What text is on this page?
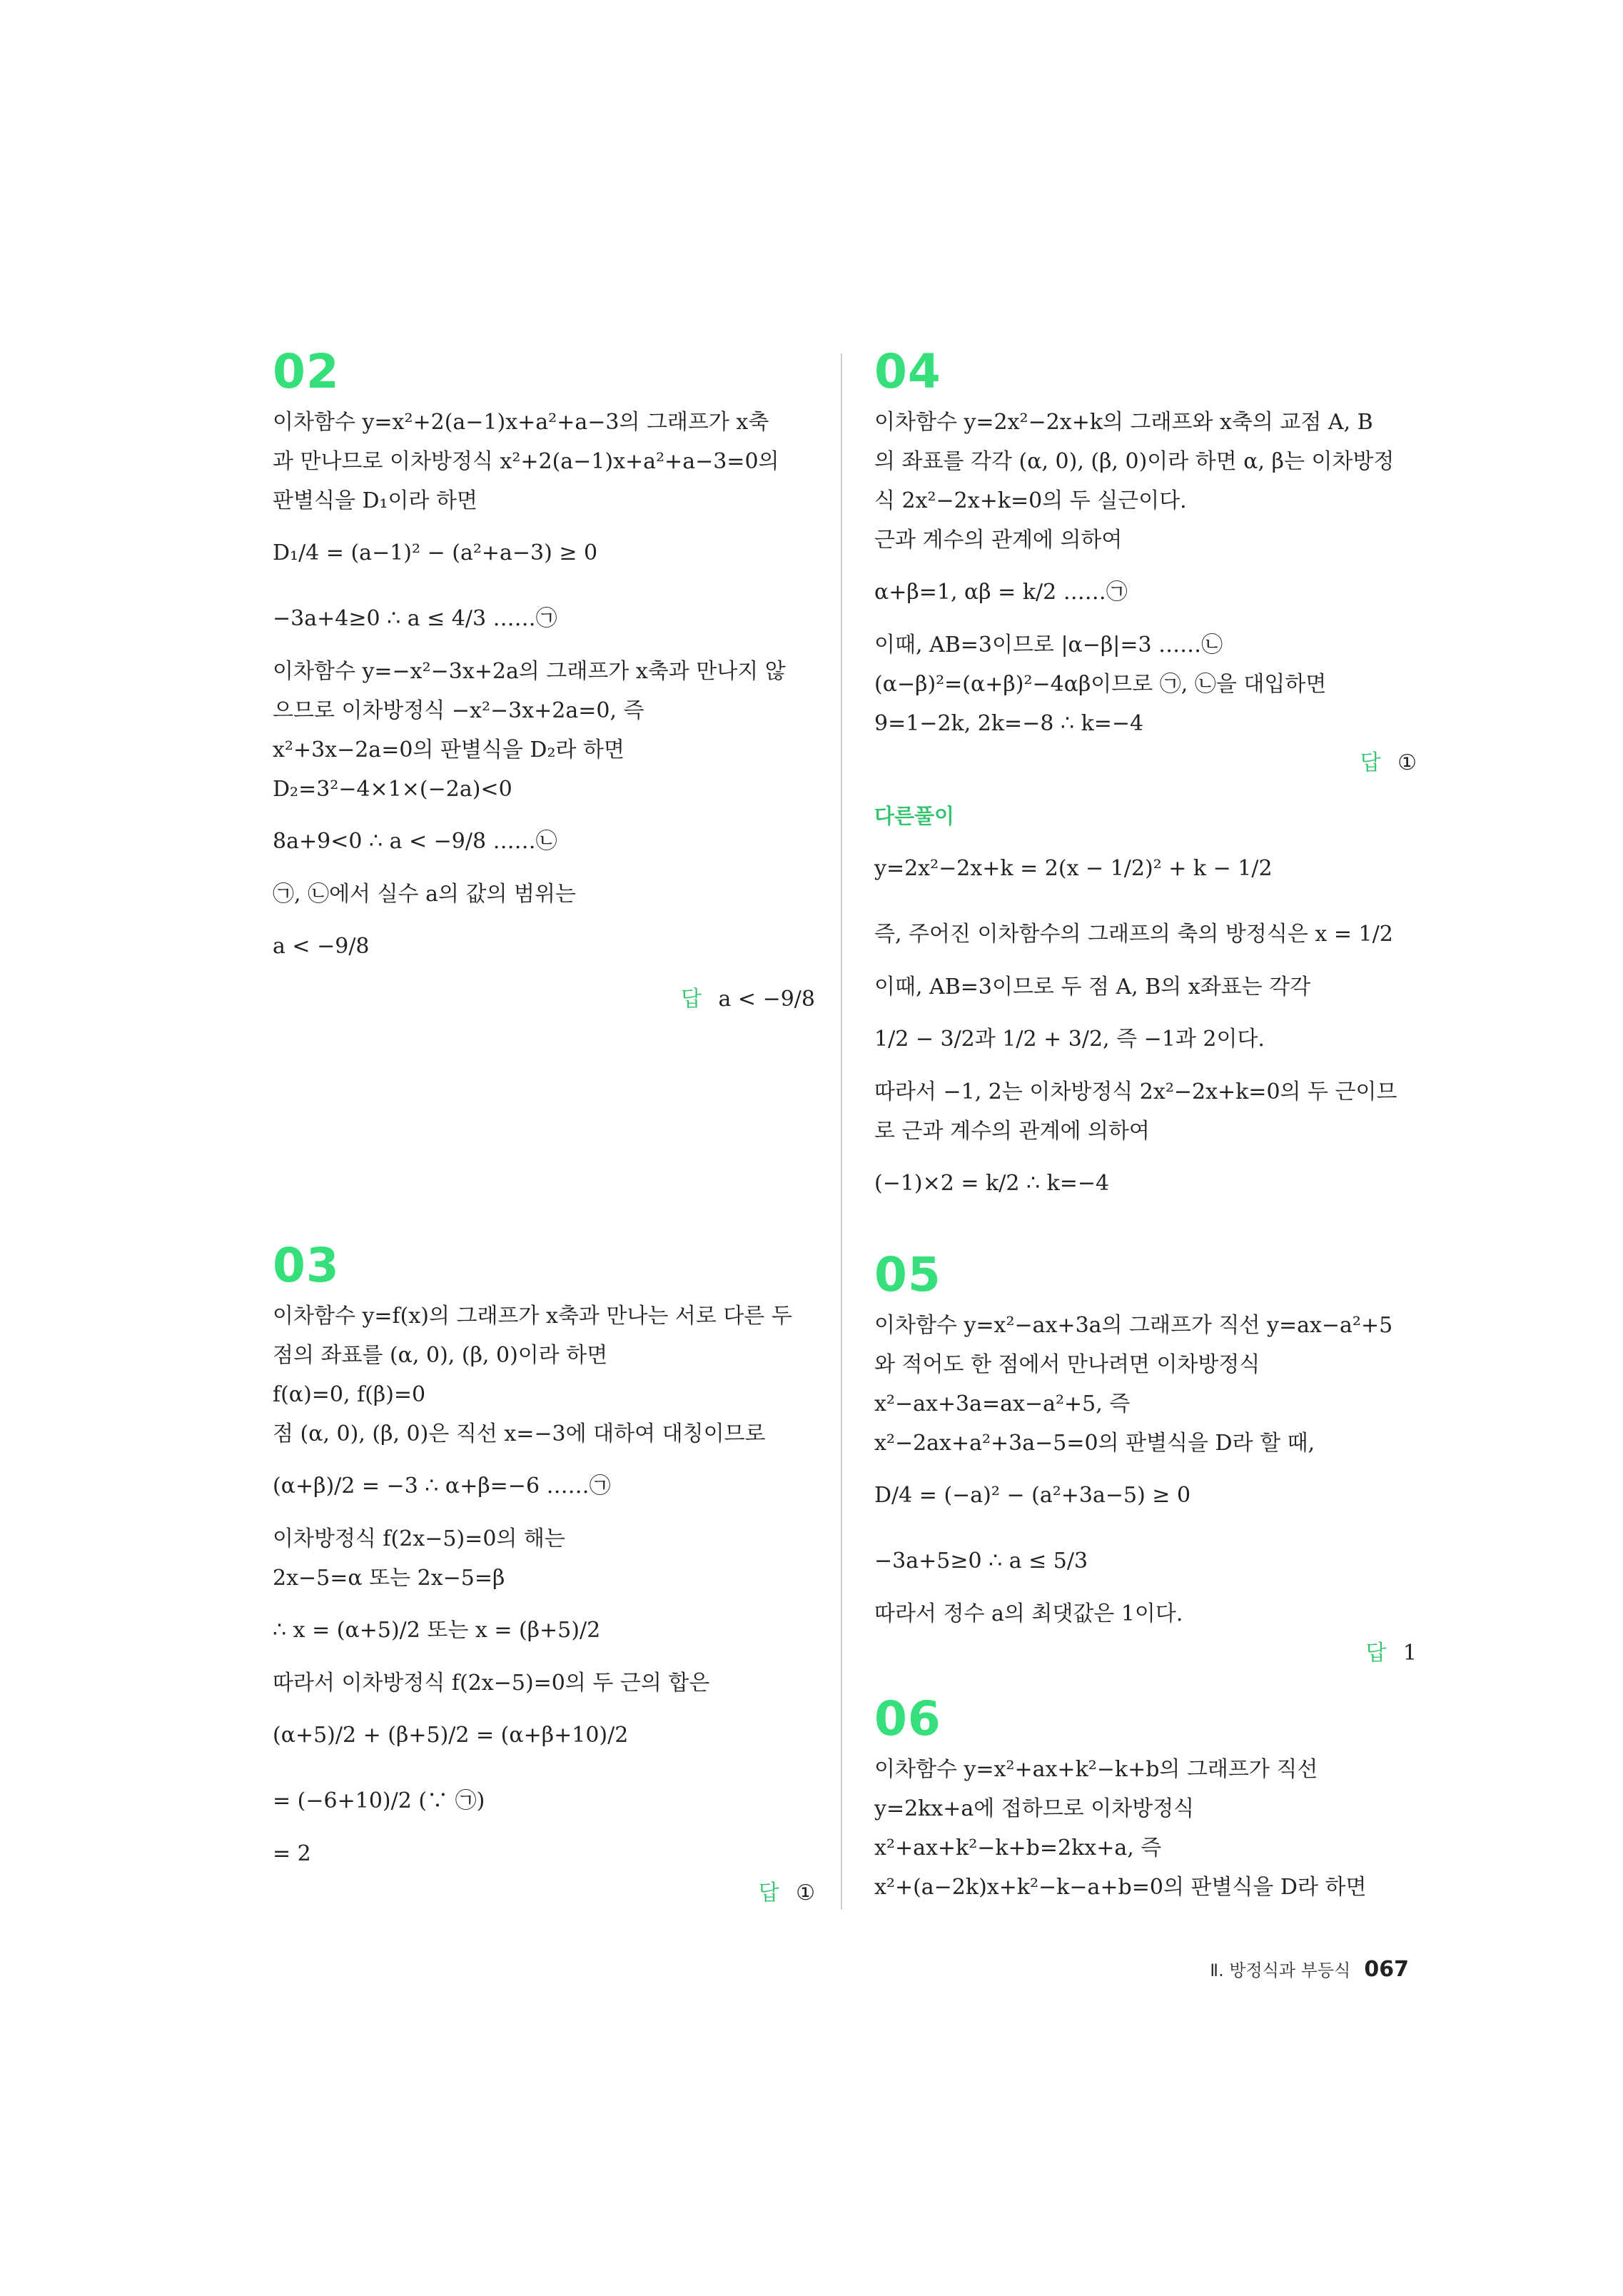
02
이차함수 y=x²+2(a−1)x+a²+a−3의 그래프가 x축
과 만나므로 이차방정식 x²+2(a−1)x+a²+a−3=0의
판별식을 D₁이라 하면
D₁/4 = (a−1)² − (a²+a−3) ≥ 0
−3a+4≥0 ∴ a ≤ 4/3 ……㉠
이차함수 y=−x²−3x+2a의 그래프가 x축과 만나지 않
으므로 이차방정식 −x²−3x+2a=0, 즉
x²+3x−2a=0의 판별식을 D₂라 하면
D₂=3²−4×1×(−2a)<0
8a+9<0 ∴ a < −9/8 ……㉡
㉠, ㉡에서 실수 a의 값의 범위는
a < −9/8
답 a < −9/8
03
이차함수 y=f(x)의 그래프가 x축과 만나는 서로 다른 두
점의 좌표를 (α, 0), (β, 0)이라 하면
f(α)=0, f(β)=0
점 (α, 0), (β, 0)은 직선 x=−3에 대하여 대칭이므로
(α+β)/2 = −3 ∴ α+β=−6 ……㉠
이차방정식 f(2x−5)=0의 해는
2x−5=α 또는 2x−5=β
∴ x = (α+5)/2 또는 x = (β+5)/2
따라서 이차방정식 f(2x−5)=0의 두 근의 합은
(α+5)/2 + (β+5)/2 = (α+β+10)/2
= (−6+10)/2 (∵ ㉠)
= 2
답 ①
04
이차함수 y=2x²−2x+k의 그래프와 x축의 교점 A, B
의 좌표를 각각 (α, 0), (β, 0)이라 하면 α, β는 이차방정
식 2x²−2x+k=0의 두 실근이다.
근과 계수의 관계에 의하여
α+β=1, αβ = k/2 ……㉠
이때, AB=3이므로 |α−β|=3 ……㉡
(α−β)²=(α+β)²−4αβ이므로 ㉠, ㉡을 대입하면
9=1−2k, 2k=−8 ∴ k=−4
답 ①
다른풀이
y=2x²−2x+k = 2(x − 1/2)² + k − 1/2
즉, 주어진 이차함수의 그래프의 축의 방정식은 x = 1/2
이때, AB=3이므로 두 점 A, B의 x좌표는 각각
1/2 − 3/2과 1/2 + 3/2, 즉 −1과 2이다.
따라서 −1, 2는 이차방정식 2x²−2x+k=0의 두 근이므
로 근과 계수의 관계에 의하여
(−1)×2 = k/2 ∴ k=−4
05
이차함수 y=x²−ax+3a의 그래프가 직선 y=ax−a²+5
와 적어도 한 점에서 만나려면 이차방정식
x²−ax+3a=ax−a²+5, 즉
x²−2ax+a²+3a−5=0의 판별식을 D라 할 때,
D/4 = (−a)² − (a²+3a−5) ≥ 0
−3a+5≥0 ∴ a ≤ 5/3
따라서 정수 a의 최댓값은 1이다.
답 1
06
이차함수 y=x²+ax+k²−k+b의 그래프가 직선
y=2kx+a에 접하므로 이차방정식
x²+ax+k²−k+b=2kx+a, 즉
x²+(a−2k)x+k²−k−a+b=0의 판별식을 D라 하면
Ⅱ. 방정식과 부등식 067
